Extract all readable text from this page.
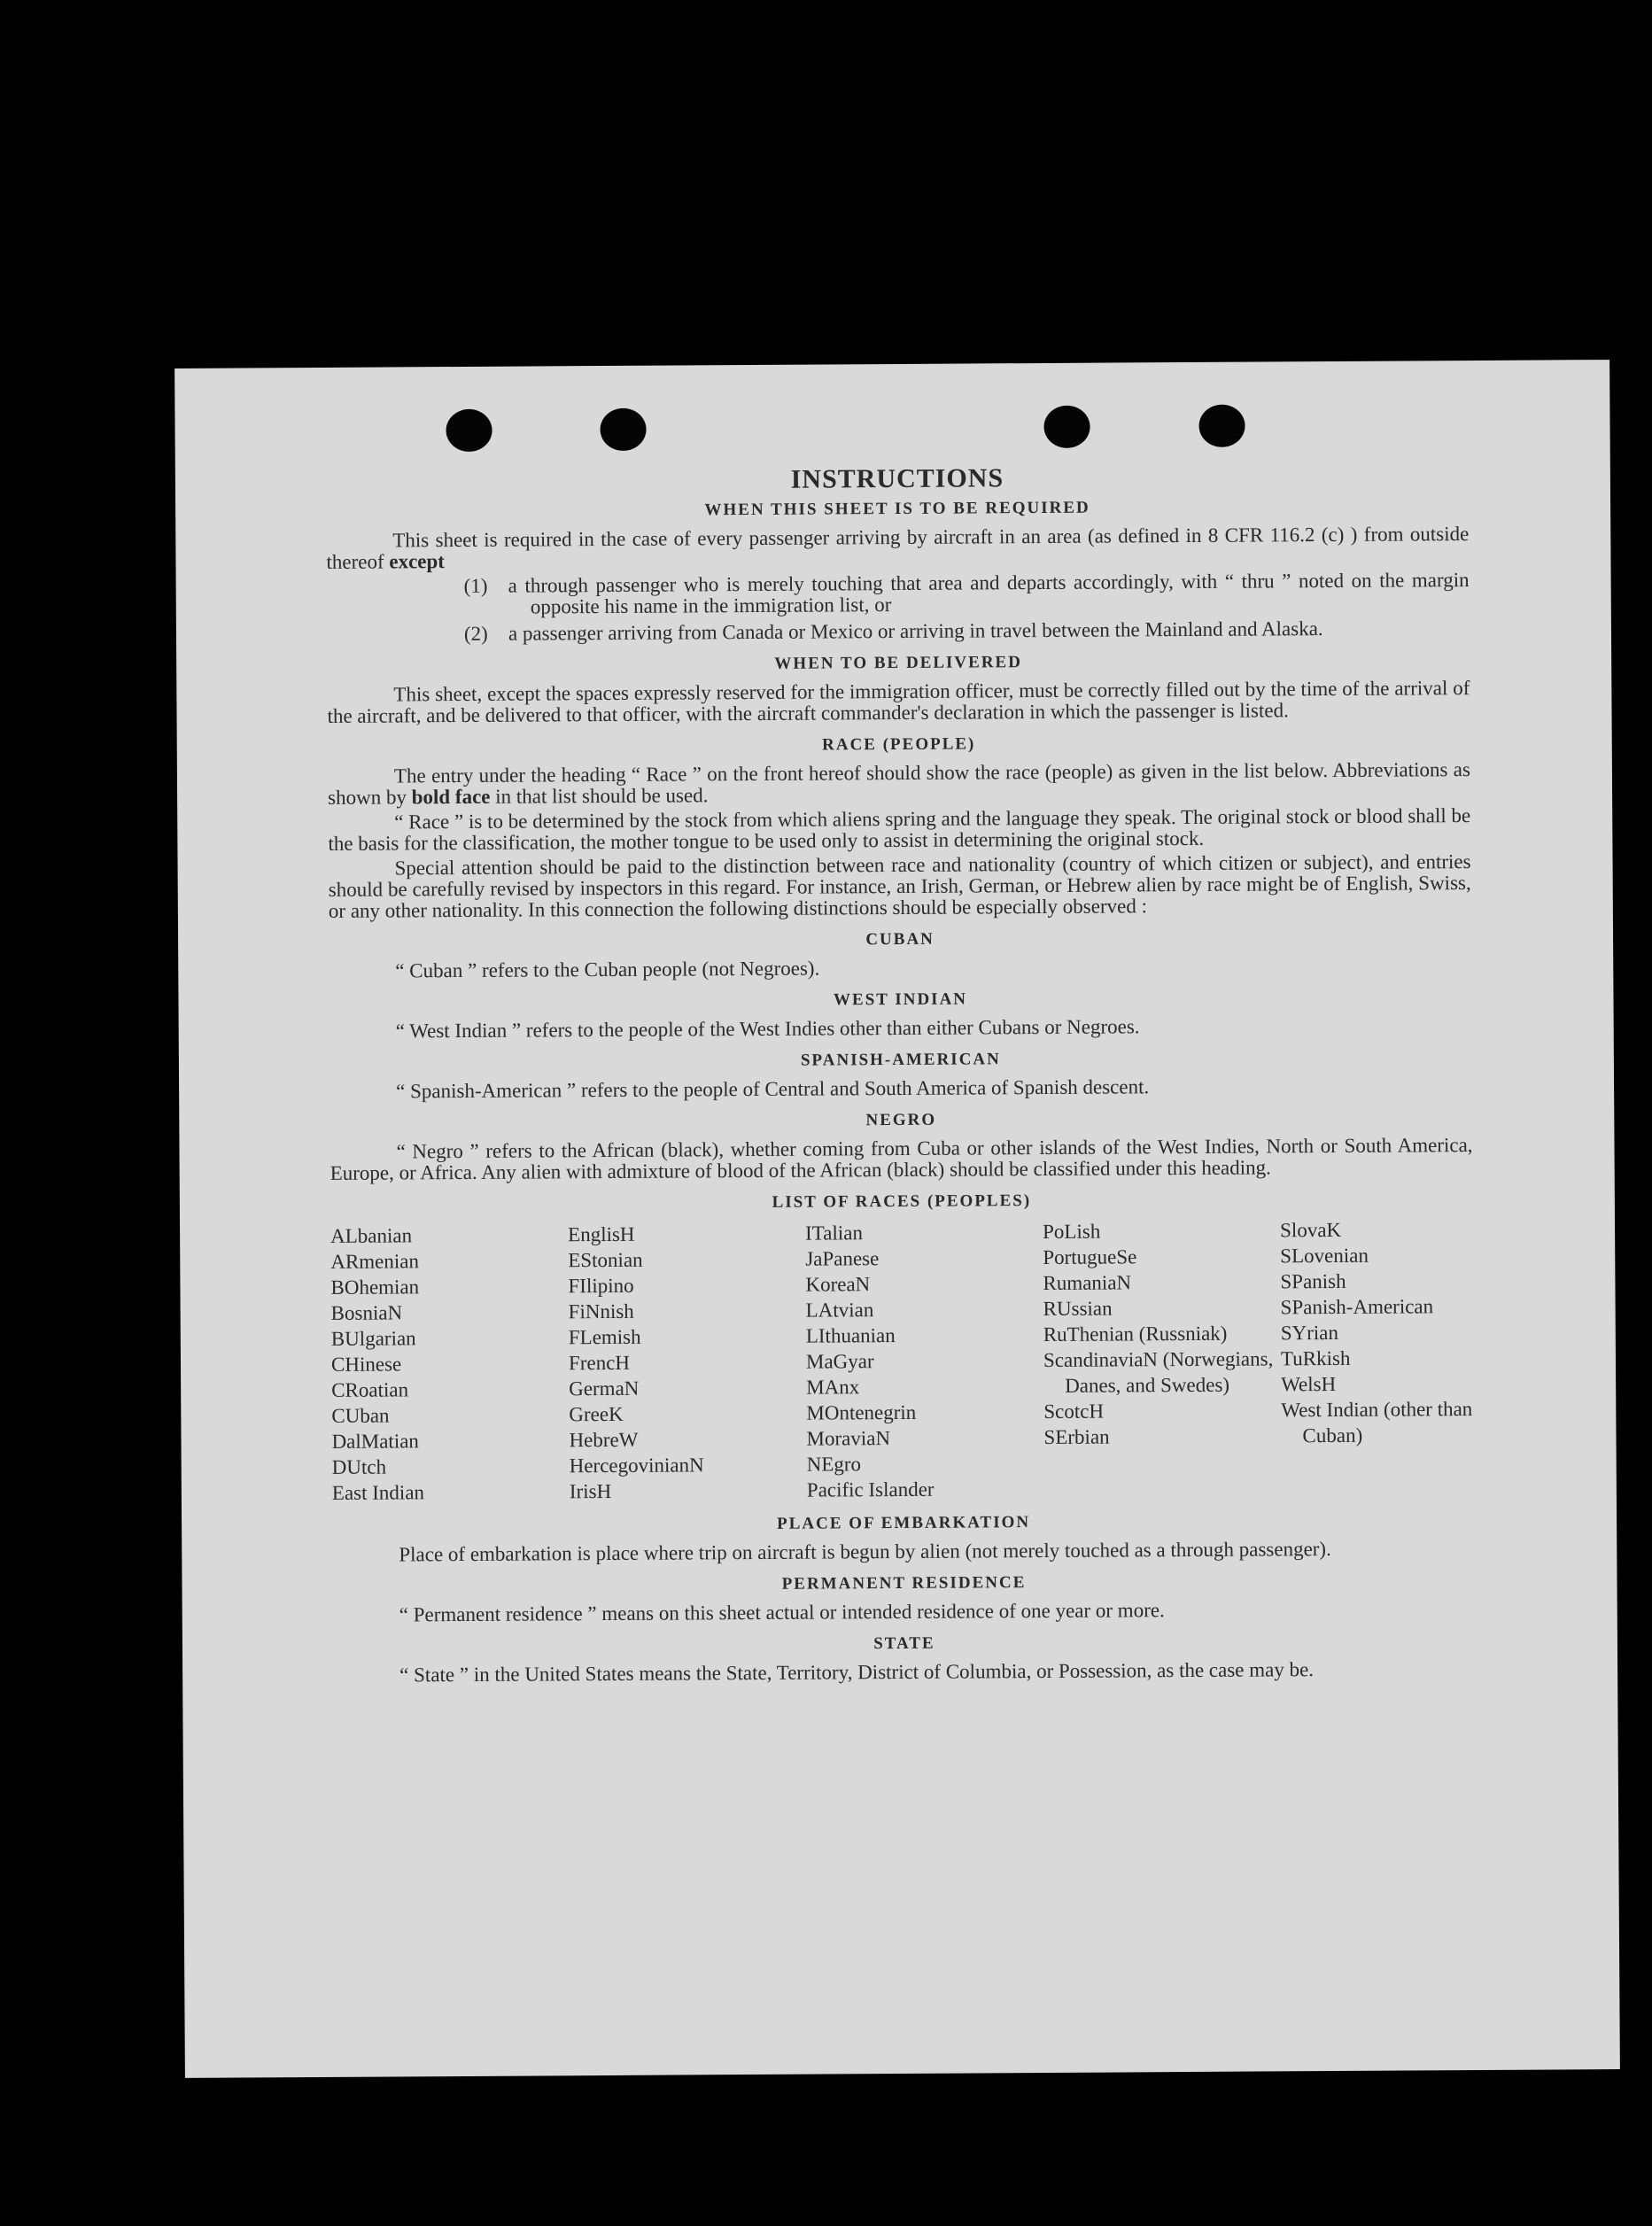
INSTRUCTIONS
WHEN THIS SHEET IS TO BE REQUIRED

This sheet is required in the case of every passenger arriving by aircraft in an area (as defined in 8 CFR 116.2 (c) ) from outside thereof except

(1)	a through passenger who is merely touching that area and departs accordingly, with “ thru ” noted on the margin opposite his name in the immigration list, or
(2)	a passenger arriving from Canada or Mexico or arriving in travel between the Mainland and Alaska.
WHEN TO BE DELIVERED

This sheet, except the spaces expressly reserved for the immigration officer, must be correctly filled out by the time of the arrival of the aircraft, and be delivered to that officer, with the aircraft commander's declaration in which the passenger is listed.

RACE (PEOPLE)

The entry under the heading “ Race ” on the front hereof should show the race (people) as given in the list below. Abbreviations as shown by bold face in that list should be used.

“ Race ” is to be determined by the stock from which aliens spring and the language they speak. The original stock or blood shall be the basis for the classification, the mother tongue to be used only to assist in determining the original stock.

Special attention should be paid to the distinction between race and nationality (country of which citizen or subject), and entries should be carefully revised by inspectors in this regard. For instance, an Irish, German, or Hebrew alien by race might be of English, Swiss, or any other nationality. In this connection the following distinctions should be especially observed :

CUBAN

“ Cuban ” refers to the Cuban people (not Negroes).

WEST INDIAN

“ West Indian ” refers to the people of the West Indies other than either Cubans or Negroes.

SPANISH-AMERICAN

“ Spanish-American ” refers to the people of Central and South America of Spanish descent.

NEGRO

“ Negro ” refers to the African (black), whether coming from Cuba or other islands of the West Indies, North or South America, Europe, or Africa. Any alien with admixture of blood of the African (black) should be classified under this heading.

LIST OF RACES (PEOPLES)
ALbanian
ARmenian
BOhemian
BosniaN
BUlgarian
CHinese
CRoatian
CUban
DalMatian
DUtch
East Indian
EnglisH
EStonian
FIlipino
FiNnish
FLemish
FrencH
GermaN
GreeK
HebreW
HercegovinianN
IrisH
ITalian
JaPanese
KoreaN
LAtvian
LIthuanian
MaGyar
MAnx
MOntenegrin
MoraviaN
NEgro
Pacific Islander
PoLish
PortugueSe
RumaniaN
RUssian
RuThenian (Russniak)
ScandinaviaN (Norwegians, Danes, and Swedes)
ScotcH
SErbian
SlovaK
SLovenian
SPanish
SPanish-American
SYrian
TuRkish
WelsH
West Indian (other than Cuban)
PLACE OF EMBARKATION

Place of embarkation is place where trip on aircraft is begun by alien (not merely touched as a through passenger).

PERMANENT RESIDENCE

“ Permanent residence ” means on this sheet actual or intended residence of one year or more.

STATE

“ State ” in the United States means the State, Territory, District of Columbia, or Possession, as the case may be.
